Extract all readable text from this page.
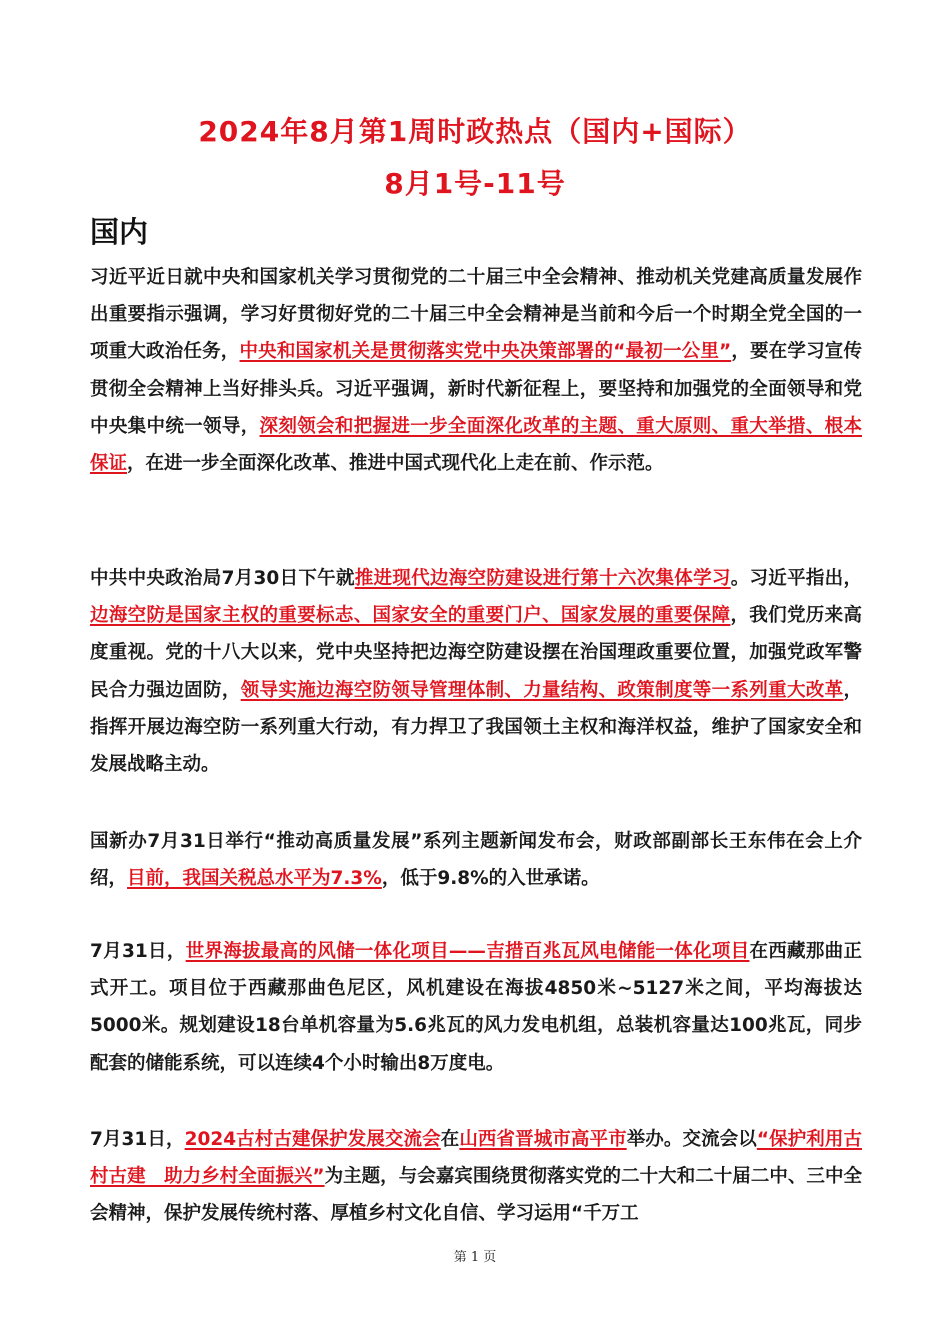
2024年8月第1周时政热点（国内+国际）
8月1号-11号
国内

习近平近日就中央和国家机关学习贯彻党的二十届三中全会精神、推动机关党建高质量发展作出重要指示强调，学习好贯彻好党的二十届三中全会精神是当前和今后一个时期全党全国的一项重大政治任务，中央和国家机关是贯彻落实党中央决策部署的“最初一公里”，要在学习宣传贯彻全会精神上当好排头兵。习近平强调，新时代新征程上，要坚持和加强党的全面领导和党中央集中统一领导，深刻领会和把握进一步全面深化改革的主题、重大原则、重大举措、根本保证，在进一步全面深化改革、推进中国式现代化上走在前、作示范。

中共中央政治局7月30日下午就推进现代边海空防建设进行第十六次集体学习。习近平指出，边海空防是国家主权的重要标志、国家安全的重要门户、国家发展的重要保障，我们党历来高度重视。党的十八大以来，党中央坚持把边海空防建设摆在治国理政重要位置，加强党政军警民合力强边固防，领导实施边海空防领导管理体制、力量结构、政策制度等一系列重大改革，指挥开展边海空防一系列重大行动，有力捍卫了我国领土主权和海洋权益，维护了国家安全和发展战略主动。

国新办7月31日举行“推动高质量发展”系列主题新闻发布会，财政部副部长王东伟在会上介绍，目前，我国关税总水平为7.3%，低于9.8%的入世承诺。

7月31日，世界海拔最高的风储一体化项目——吉措百兆瓦风电储能一体化项目在西藏那曲正式开工。项目位于西藏那曲色尼区，风机建设在海拔4850米~5127米之间，平均海拔达5000米。规划建设18台单机容量为5.6兆瓦的风力发电机组，总装机容量达100兆瓦，同步配套的储能系统，可以连续4个小时输出8万度电。

7月31日，2024古村古建保护发展交流会在山西省晋城市高平市举办。交流会以“保护利用古村古建　助力乡村全面振兴”为主题，与会嘉宾围绕贯彻落实党的二十大和二十届二中、三中全会精神，保护发展传统村落、厚植乡村文化自信、学习运用“千万工

第 1 页
